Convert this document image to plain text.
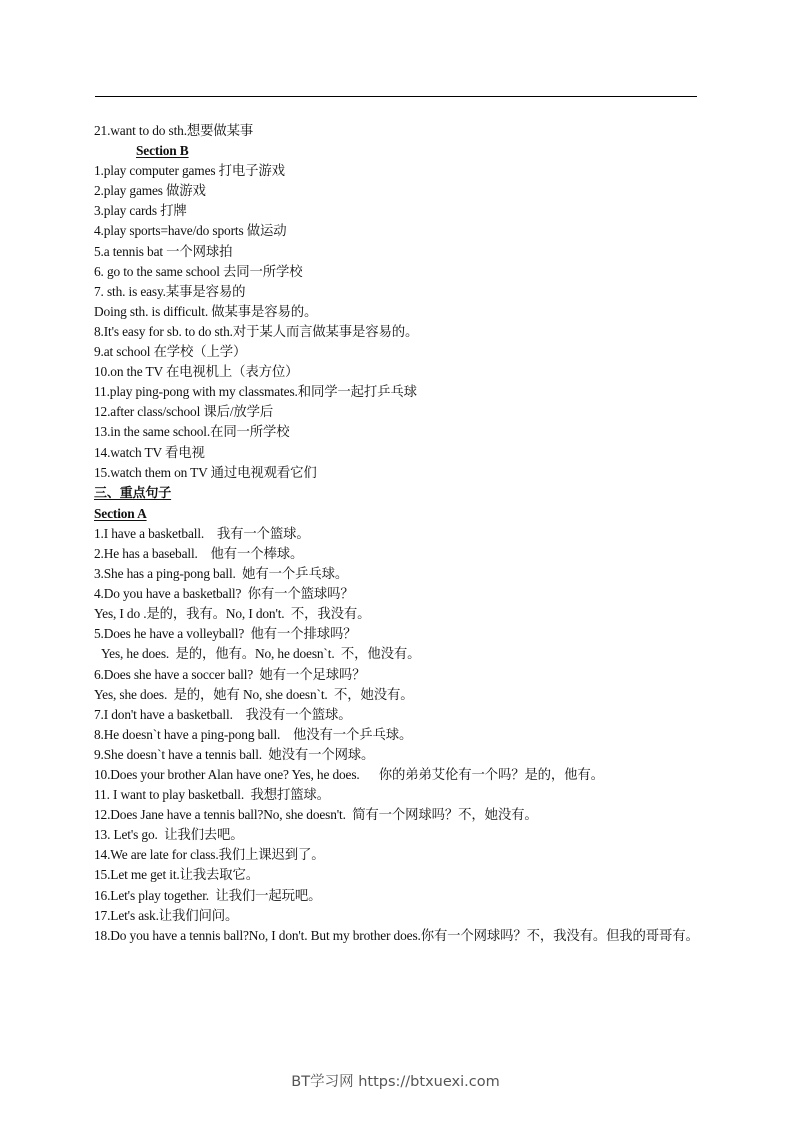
21.want to do sth.想要做某事
Section B
1.play computer games 打电子游戏
2.play games 做游戏
3.play cards 打牌
4.play sports=have/do sports 做运动
5.a tennis bat 一个网球拍
6. go to the same school 去同一所学校
7. sth. is easy.某事是容易的
Doing sth. is difficult. 做某事是容易的。
8.It's easy for sb. to do sth.对于某人而言做某事是容易的。
9.at school 在学校（上学）
10.on the TV 在电视机上（表方位）
11.play ping-pong with my classmates.和同学一起打乒乓球
12.after class/school 课后/放学后
13.in the same school.在同一所学校
14.watch TV 看电视
15.watch them on TV 通过电视观看它们
三、重点句子
Section A
1.I have a basketball.    我有一个篮球。
2.He has a baseball.    他有一个棒球。
3.She has a ping-pong ball.  她有一个乒乓球。
4.Do you have a basketball?  你有一个篮球吗？
Yes, I do .是的，我有。No, I don't.  不，我没有。
5.Does he have a volleyball?  他有一个排球吗？
Yes, he does.  是的，他有。No, he doesn`t.  不，他没有。
6.Does she have a soccer ball?  她有一个足球吗？
Yes, she does.  是的，她有 No, she doesn`t.  不，她没有。
7.I don't have a basketball.    我没有一个篮球。
8.He doesn`t have a ping-pong ball.    他没有一个乒乓球。
9.She doesn`t have a tennis ball.  她没有一个网球。
10.Does your brother Alan have one? Yes, he does.      你的弟弟艾伦有一个吗？是的，他有。
11. I want to play basketball.  我想打篮球。
12.Does Jane have a tennis ball?No, she doesn't.  简有一个网球吗？不，她没有。
13. Let's go.  让我们去吧。
14.We are late for class.我们上课迟到了。
15.Let me get it.让我去取它。
16.Let's play together.  让我们一起玩吧。
17.Let's ask.让我们问问。
18.Do you have a tennis ball?No, I don't. But my brother does.你有一个网球吗？不，我没有。但我的哥哥有。
BT学习网 https://btxuexi.com
